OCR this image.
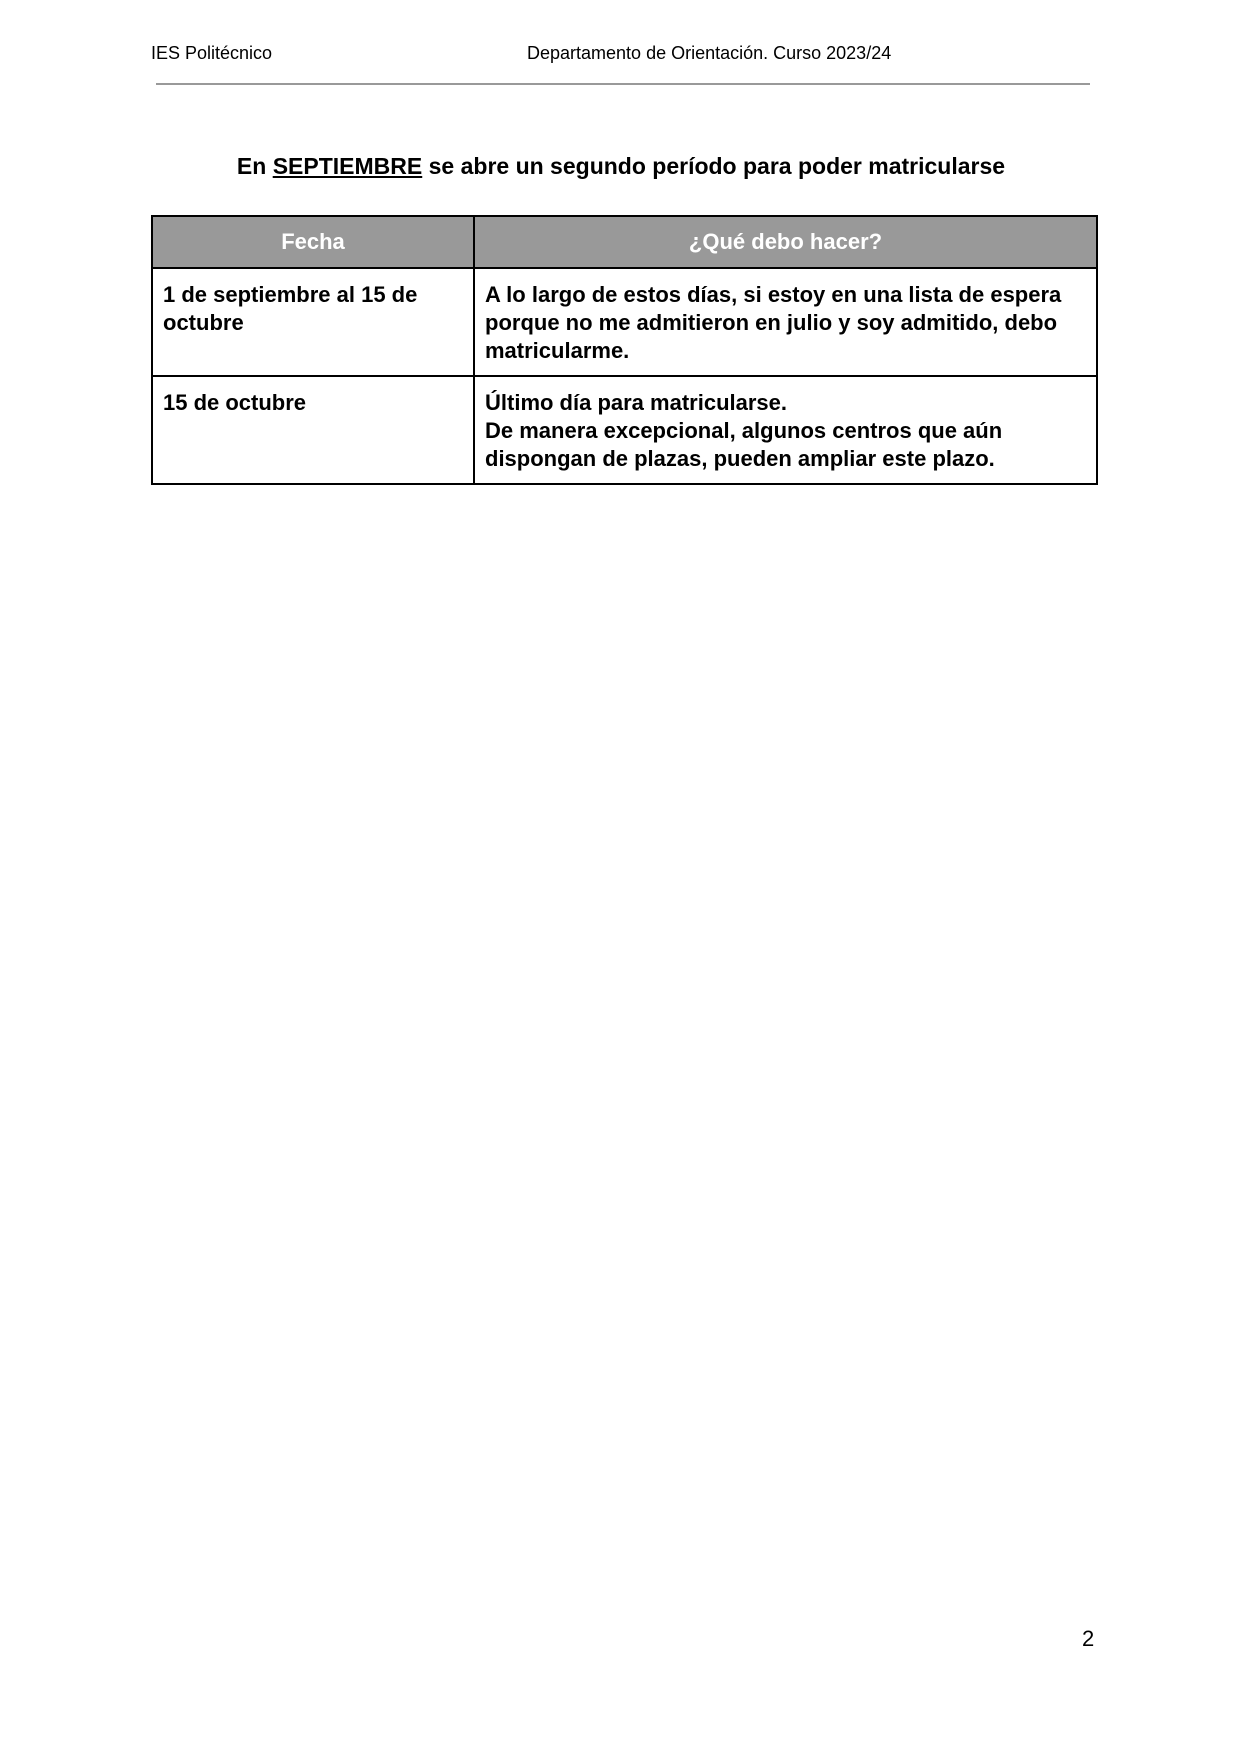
IES Politécnico	Departamento de Orientación. Curso 2023/24
En SEPTIEMBRE se abre un segundo período para poder matricularse
Fecha	¿Qué debo hacer?
1 de septiembre al 15 de octubre	A lo largo de estos días, si estoy en una lista de espera porque no me admitieron en julio y soy admitido, debo matricularme.

15 de octubre	Último día para matricularse.
De manera excepcional, algunos centros que aún dispongan de plazas, pueden ampliar este plazo.
2
